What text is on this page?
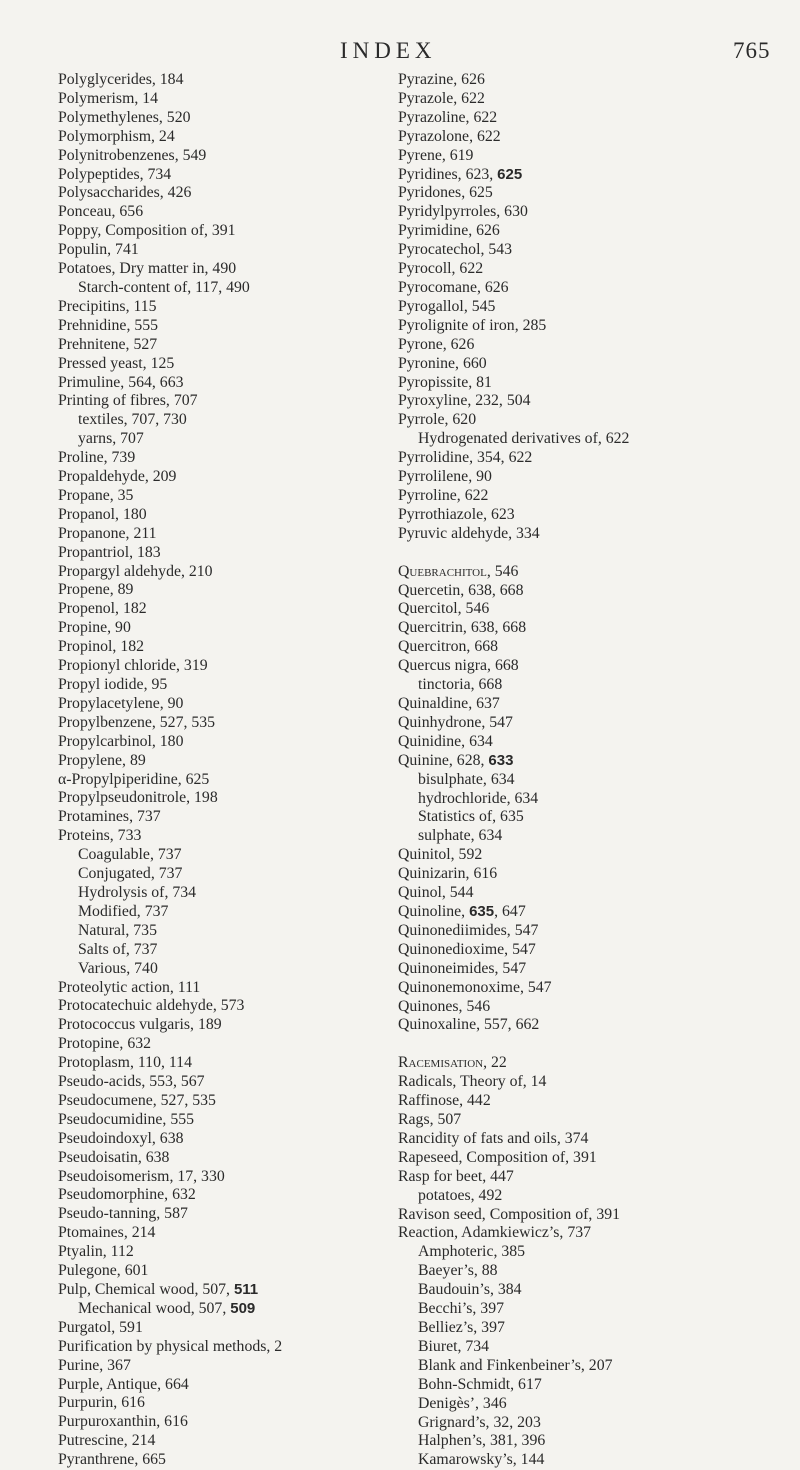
INDEX	765
Polyglycerides, 184
Polymerism, 14
Polymethylenes, 520
Polymorphism, 24
Polynitrobenzenes, 549
Polypeptides, 734
Polysaccharides, 426
Ponceau, 656
Poppy, Composition of, 391
Populin, 741
Potatoes, Dry matter in, 490
Starch-content of, 117, 490
Precipitins, 115
Prehnidine, 555
Prehnitene, 527
Pressed yeast, 125
Primuline, 564, 663
Printing of fibres, 707
textiles, 707, 730
yarns, 707
Proline, 739
Propaldehyde, 209
Propane, 35
Propanol, 180
Propanone, 211
Propantriol, 183
Propargyl aldehyde, 210
Propene, 89
Propenol, 182
Propine, 90
Propinol, 182
Propionyl chloride, 319
Propyl iodide, 95
Propylacetylene, 90
Propylbenzene, 527, 535
Propylcarbinol, 180
Propylene, 89
α-Propylpiperidine, 625
Propylpseudonitrole, 198
Protamines, 737
Proteins, 733
Coagulable, 737
Conjugated, 737
Hydrolysis of, 734
Modified, 737
Natural, 735
Salts of, 737
Various, 740
Proteolytic action, 111
Protocatechuic aldehyde, 573
Protococcus vulgaris, 189
Protopine, 632
Protoplasm, 110, 114
Pseudo-acids, 553, 567
Pseudocumene, 527, 535
Pseudocumidine, 555
Pseudoindoxyl, 638
Pseudoisatin, 638
Pseudoisomerism, 17, 330
Pseudomorphine, 632
Pseudo-tanning, 587
Ptomaines, 214
Ptyalin, 112
Pulegone, 601
Pulp, Chemical wood, 507, 511
Mechanical wood, 507, 509
Purgatol, 591
Purification by physical methods, 2
Purine, 367
Purple, Antique, 664
Purpurin, 616
Purpuroxanthin, 616
Putrescine, 214
Pyranthrene, 665
Pyrazine, 626
Pyrazole, 622
Pyrazoline, 622
Pyrazolone, 622
Pyrene, 619
Pyridines, 623, 625
Pyridones, 625
Pyridylpyrroles, 630
Pyrimidine, 626
Pyrocatechol, 543
Pyrocoll, 622
Pyrocomane, 626
Pyrogallol, 545
Pyrolignite of iron, 285
Pyrone, 626
Pyronine, 660
Pyropissite, 81
Pyroxyline, 232, 504
Pyrrole, 620
Hydrogenated derivatives of, 622
Pyrrolidine, 354, 622
Pyrrolilene, 90
Pyrroline, 622
Pyrrothiazole, 623
Pyruvic aldehyde, 334
Quebrachitol, 546
Quercetin, 638, 668
Quercitol, 546
Quercitrin, 638, 668
Quercitron, 668
Quercus nigra, 668
tinctoria, 668
Quinaldine, 637
Quinhydrone, 547
Quinidine, 634
Quinine, 628, 633
bisulphate, 634
hydrochloride, 634
Statistics of, 635
sulphate, 634
Quinitol, 592
Quinizarin, 616
Quinol, 544
Quinoline, 635, 647
Quinonediimides, 547
Quinonedioxime, 547
Quinoneimides, 547
Quinonemonoxime, 547
Quinones, 546
Quinoxaline, 557, 662
Racemisation, 22
Radicals, Theory of, 14
Raffinose, 442
Rags, 507
Rancidity of fats and oils, 374
Rapeseed, Composition of, 391
Rasp for beet, 447
potatoes, 492
Ravison seed, Composition of, 391
Reaction, Adamkiewicz’s, 737
Amphoteric, 385
Baeyer’s, 88
Baudouin’s, 384
Becchi’s, 397
Belliez’s, 397
Biuret, 734
Blank and Finkenbeiner’s, 207
Bohn-Schmidt, 617
Denigès’, 346
Grignard’s, 32, 203
Halphen’s, 381, 396
Kamarowsky’s, 144
